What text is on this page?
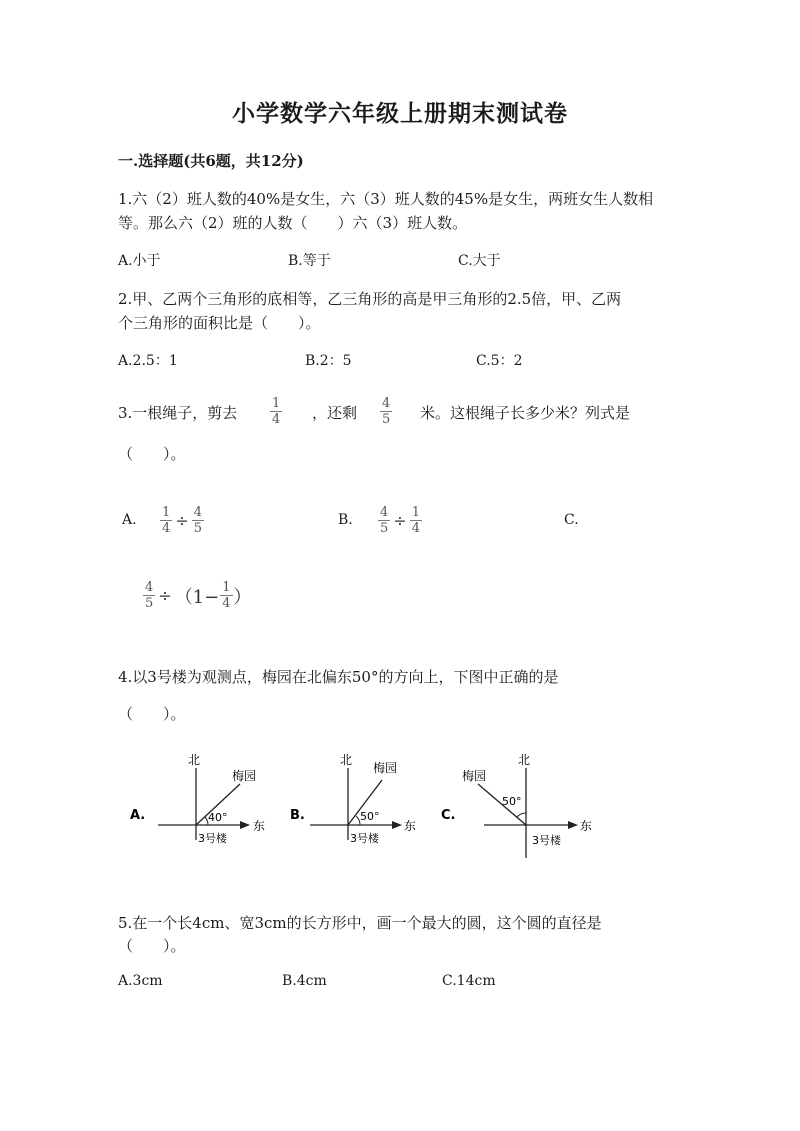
小学数学六年级上册期末测试卷
一.选择题(共6题，共12分)
1.六（2）班人数的40%是女生，六（3）班人数的45%是女生，两班女生人数相
等。那么六（2）班的人数（　　）六（3）班人数。
A.小于	B.等于	C.大于
2.甲、乙两个三角形的底相等，乙三角形的高是甲三角形的2.5倍，甲、乙两
个三角形的面积比是（　　）。
A.2.5：1	B.2：5	C.5：2
3.一根绳子，剪去	$\frac{1}{4}$ ，还剩 $\frac{4}{5}$ 米。这根绳子长多少米？列式是
（　　）。
A. $\frac{1}{4} \div \frac{4}{5}$	B. $\frac{4}{5} \div \frac{1}{4}$	C.
$\frac{4}{5} \div (1- \frac{1}{4}$ ）
4.以3号楼为观测点，梅园在北偏东50°的方向上，下图中正确的是
（　　）。
A.
北
梅园
40°
东
3号楼
B.
北
梅园
50°
东
3号楼
C.
北
梅园
50°
东
3号楼
5.在一个长4cm、宽3cm的长方形中，画一个最大的圆，这个圆的直径是
（　　）。
A.3cm	B.4cm	C.14cm
